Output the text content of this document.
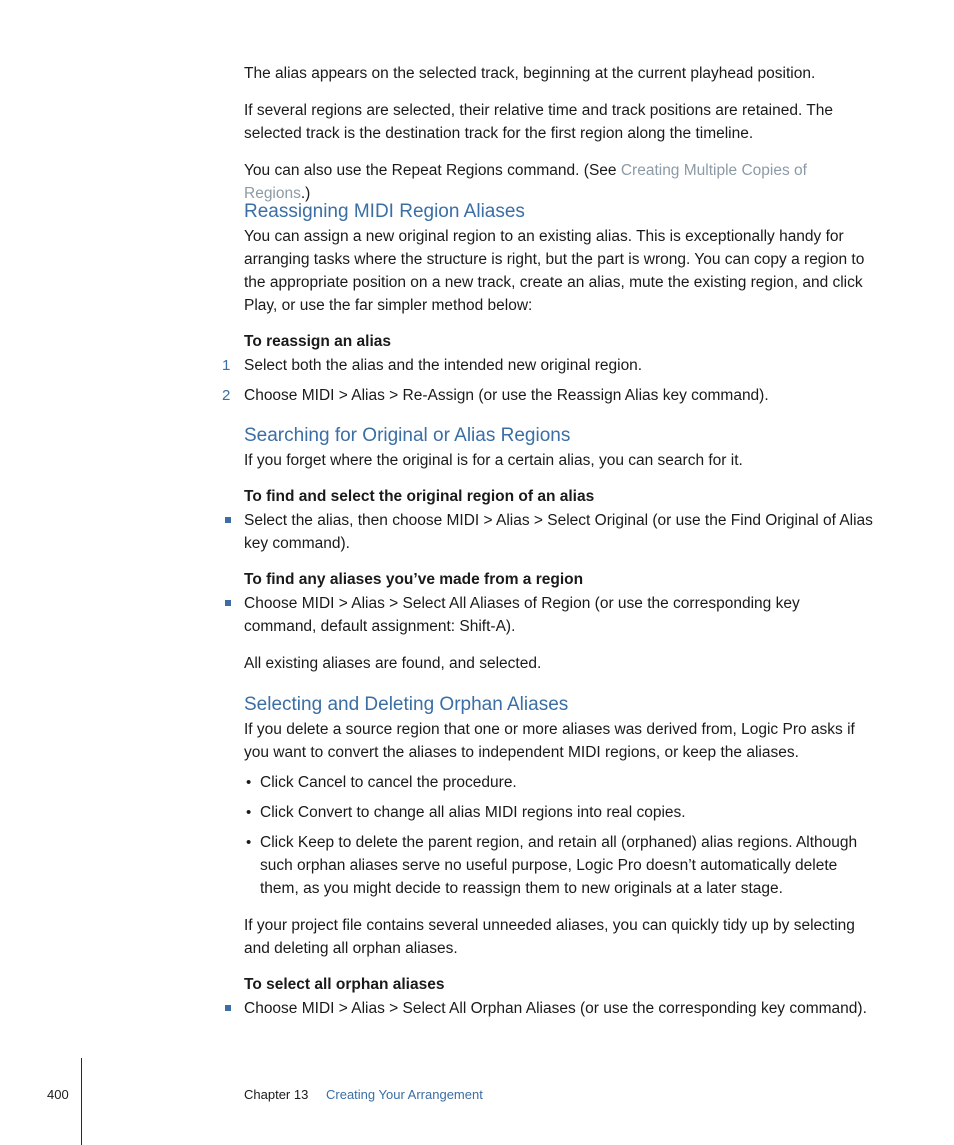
The alias appears on the selected track, beginning at the current playhead position.
If several regions are selected, their relative time and track positions are retained. The selected track is the destination track for the first region along the timeline.
You can also use the Repeat Regions command. (See Creating Multiple Copies of Regions.)
Reassigning MIDI Region Aliases
You can assign a new original region to an existing alias. This is exceptionally handy for arranging tasks where the structure is right, but the part is wrong. You can copy a region to the appropriate position on a new track, create an alias, mute the existing region, and click Play, or use the far simpler method below:
To reassign an alias
1 Select both the alias and the intended new original region.
2 Choose MIDI > Alias > Re-Assign (or use the Reassign Alias key command).
Searching for Original or Alias Regions
If you forget where the original is for a certain alias, you can search for it.
To find and select the original region of an alias
Select the alias, then choose MIDI > Alias > Select Original (or use the Find Original of Alias key command).
To find any aliases you’ve made from a region
Choose MIDI > Alias > Select All Aliases of Region (or use the corresponding key command, default assignment: Shift-A).
All existing aliases are found, and selected.
Selecting and Deleting Orphan Aliases
If you delete a source region that one or more aliases was derived from, Logic Pro asks if you want to convert the aliases to independent MIDI regions, or keep the aliases.
• Click Cancel to cancel the procedure.
• Click Convert to change all alias MIDI regions into real copies.
• Click Keep to delete the parent region, and retain all (orphaned) alias regions. Although such orphan aliases serve no useful purpose, Logic Pro doesn’t automatically delete them, as you might decide to reassign them to new originals at a later stage.
If your project file contains several unneeded aliases, you can quickly tidy up by selecting and deleting all orphan aliases.
To select all orphan aliases
Choose MIDI > Alias > Select All Orphan Aliases (or use the corresponding key command).
400	Chapter 13 Creating Your Arrangement
